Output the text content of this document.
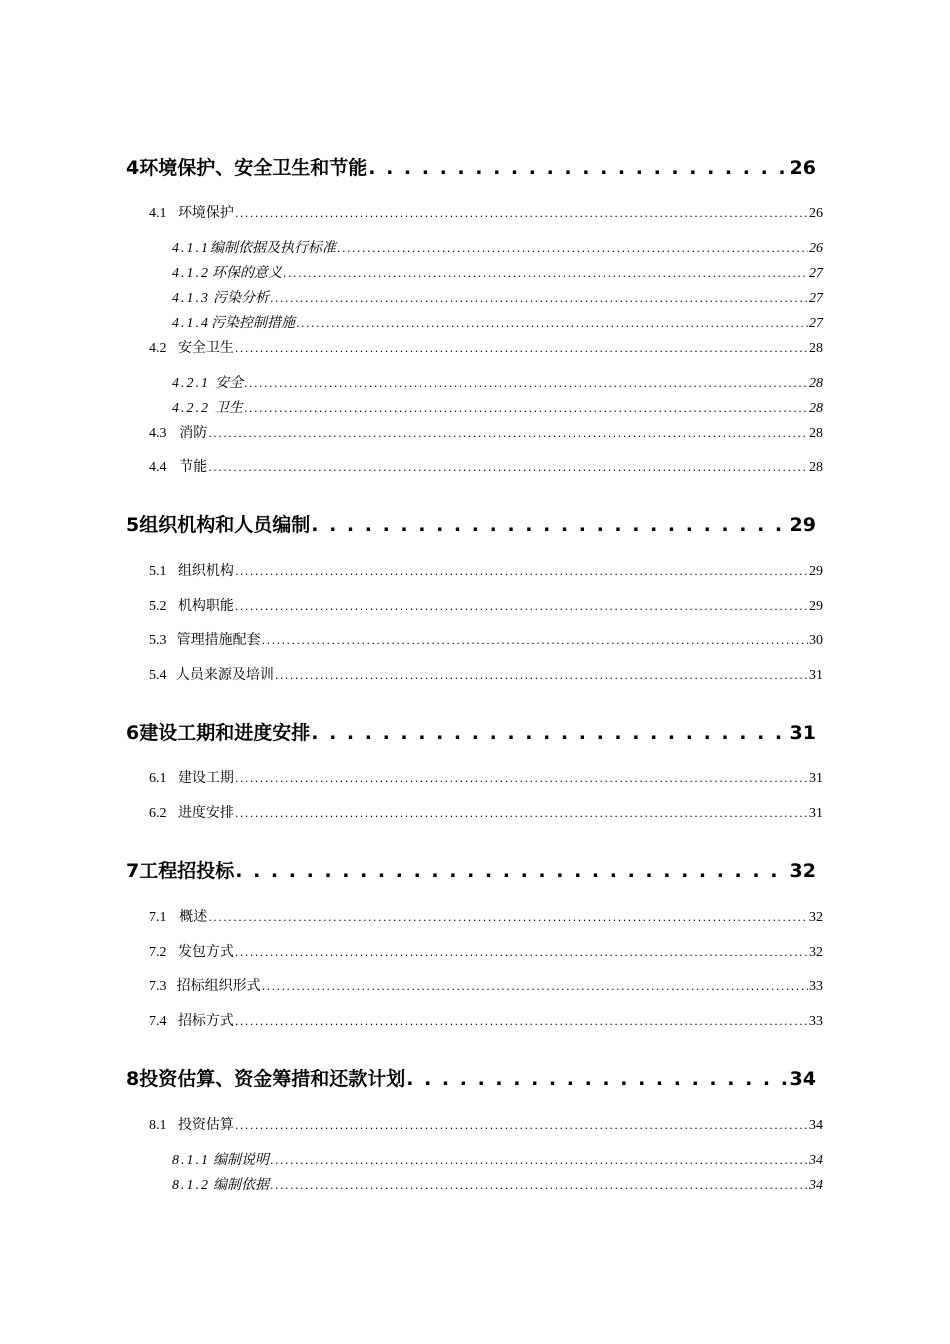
4 环境保护、安全卫生和节能 . . .	26
4.1 环境保护 . . .	26
4.1.1 编制依据及执行标准 . . .	26
4.1.2 环保的意义 . . .	27
4.1.3 污染分析 . . .	27
4.1.4 污染控制措施 . . .	27
4.2 安全卫生 . . .	28
4.2.1 安全 . . .	28
4.2.2 卫生 . . .	28
4.3 消防 . . .	28
4.4 节能 . . .	28
5 组织机构和人员编制 . . .	29
5.1 组织机构 . . .	29
5.2 机构职能 . . .	29
5.3 管理措施配套 . . .	30
5.4 人员来源及培训 . . .	31
6 建设工期和进度安排 . . .	31
6.1 建设工期 . . .	31
6.2 进度安排 . . .	31
7 工程招投标 . . .	32
7.1 概述 . . .	32
7.2 发包方式 . . .	32
7.3 招标组织形式 . . .	33
7.4 招标方式 . . .	33
8 投资估算、资金筹措和还款计划 . . .	34
8.1 投资估算 . . .	34
8.1.1 编制说明 . . .	34
8.1.2 编制依据 . . .	34
